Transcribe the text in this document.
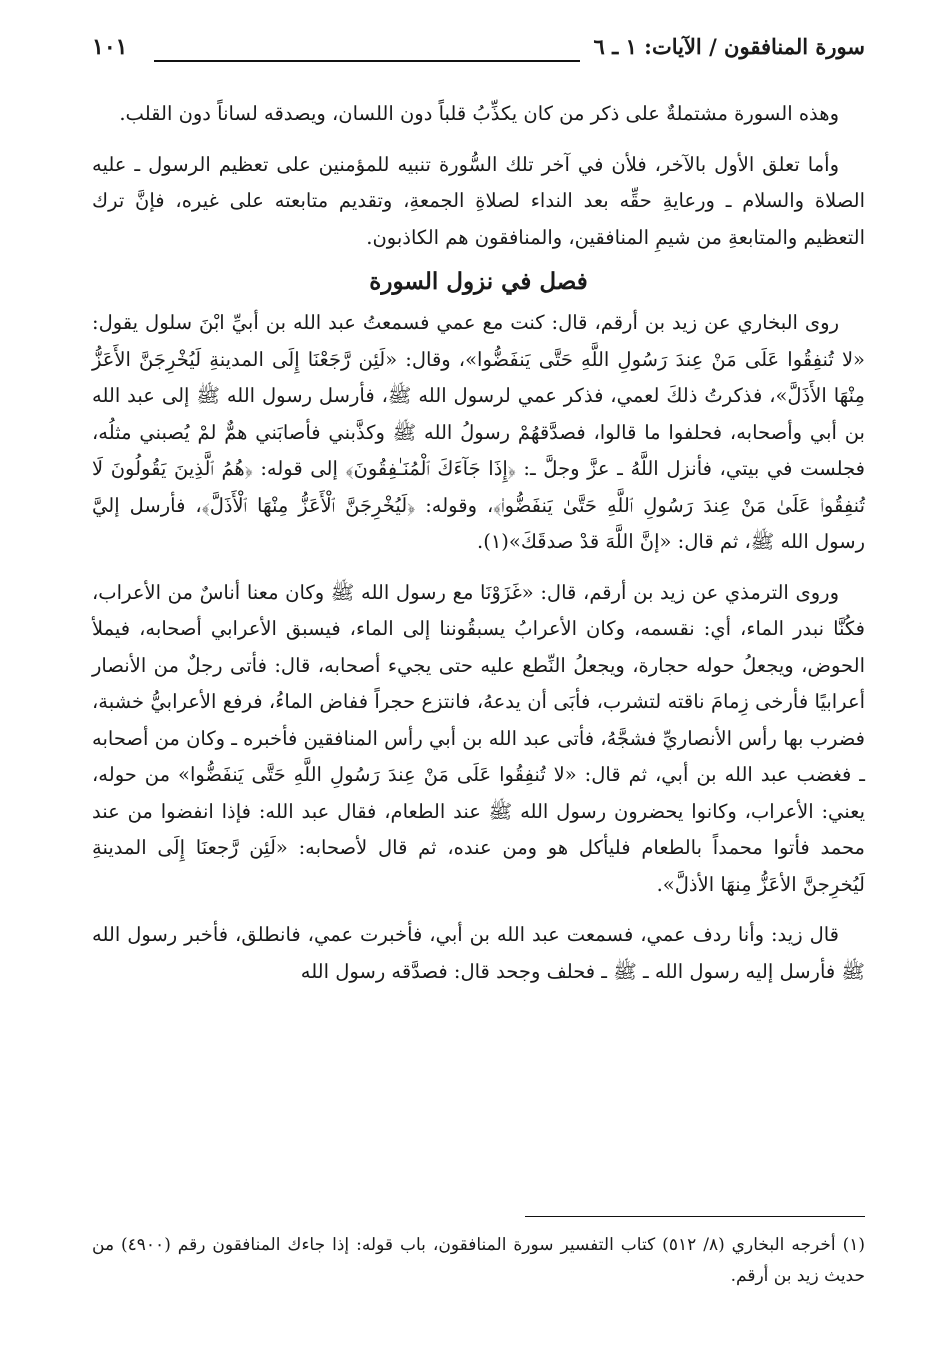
سورة المنافقون / الآيات: ١ ـ ٦
١٠١

وهذه السورة مشتملةٌ على ذكر من كان يكذِّبُ قلباً دون اللسان، ويصدقه لساناً دون القلب.

وأما تعلق الأول بالآخر، فلأن في آخر تلك السُّورة تنبيه للمؤمنين على تعظيم الرسول ـ عليه الصلاة والسلام ـ ورعايةِ حقِّه بعد النداء لصلاةِ الجمعةِ، وتقديم متابعته على غيره، فإنَّ ترك التعظيم والمتابعةِ من شيمِ المنافقين، والمنافقون هم الكاذبون.

فصل في نزول السورة

روى البخاري عن زيد بن أرقم، قال: كنت مع عمي فسمعتُ عبد الله بن أبيِّ ابْنَ سلول يقول: «لا تُنفِقُوا عَلَى مَنْ عِندَ رَسُولِ اللَّهِ حَتَّى يَنفَضُّوا»، وقال: «لَئِن رَّجَعْنَا إِلَى المدينةِ لَيُخْرِجَنَّ الأَعَزُّ مِنْهَا الأَذَلَّ»، فذكرتُ ذلكَ لعمي، فذكر عمي لرسول الله ﷺ، فأرسل رسول الله ﷺ إلى عبد الله بن أبي وأصحابه، فحلفوا ما قالوا، فصدَّقهُمْ رسولُ الله ﷺ وكذَّبني فأصابَني همٌّ لمْ يُصبني مثلُه، فجلست في بيتي، فأنزل اللَّهُ ـ عزَّ وجلَّ ـ: ﴿إِذَا جَآءَكَ ٱلْمُنَـٰفِقُونَ﴾ إلى قوله: ﴿هُمُ ٱلَّذِينَ يَقُولُونَ لَا تُنفِقُوا۟ عَلَىٰ مَنْ عِندَ رَسُولِ ٱللَّهِ حَتَّىٰ يَنفَضُّوا۟﴾، وقوله: ﴿لَيُخْرِجَنَّ ٱلْأَعَزُّ مِنْهَا ٱلْأَذَلَّ﴾، فأرسل إليَّ رسول الله ﷺ، ثم قال: «إنَّ اللَّهَ قدْ صدقَكَ»(١).

وروى الترمذي عن زيد بن أرقم، قال: «غَزَوْنَا مع رسول الله ﷺ وكان معنا أناسٌ من الأعراب، فكُنَّا نبدر الماء، أي: نقسمه، وكان الأعرابُ يسبقُوننا إلى الماء، فيسبق الأعرابي أصحابه، فيملأ الحوض، ويجعلُ حوله حجارة، ويجعلُ النِّطع عليه حتى يجيء أصحابه، قال: فأتى رجلٌ من الأنصار أعرابيًا فأرخى زِمامَ ناقته لتشرب، فأبَى أن يدعهُ، فانتزع حجراً ففاض الماءُ، فرفع الأعرابيُّ خشبة، فضرب بها رأس الأنصاريِّ فشجَّهُ، فأتى عبد الله بن أبي رأس المنافقين فأخبره ـ وكان من أصحابه ـ فغضب عبد الله بن أبي، ثم قال: «لا تُنفِقُوا عَلَى مَنْ عِندَ رَسُولِ اللَّهِ حَتَّى يَنفَضُّوا» من حوله، يعني: الأعراب، وكانوا يحضرون رسول الله ﷺ عند الطعام، فقال عبد الله: فإذا انفضوا من عند محمد فأتوا محمداً بالطعام فليأكل هو ومن عنده، ثم قال لأصحابه: «لَئِن رَّجعنَا إِلَى المدينةِ لَيُخرِجنَّ الأعَزُّ مِنهَا الأذلَّ».

قال زيد: وأنا ردف عمي، فسمعت عبد الله بن أبي، فأخبرت عمي، فانطلق، فأخبر رسول الله ﷺ فأرسل إليه رسول الله ـ ﷺ ـ فحلف وجحد قال: فصدَّقه رسول الله

(١) أخرجه البخاري (٨/ ٥١٢) كتاب التفسير سورة المنافقون، باب قوله: إذا جاءك المنافقون رقم (٤٩٠٠) من حديث زيد بن أرقم.
